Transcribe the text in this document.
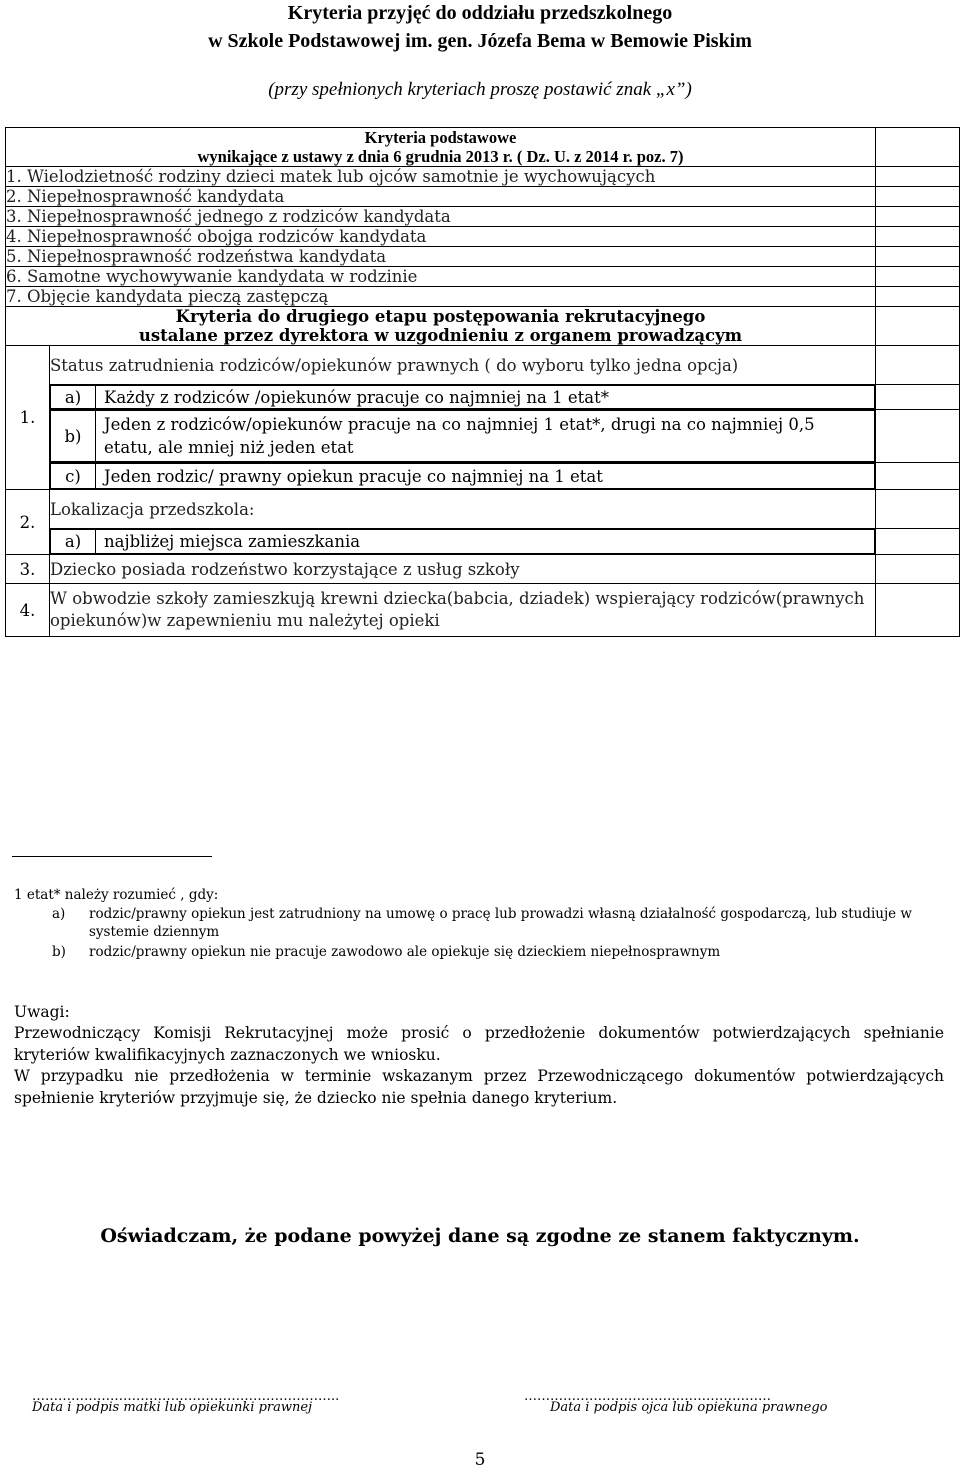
Kryteria przyjęć do oddziału przedszkolnego
w Szkole Podstawowej im. gen. Józefa Bema w Bemowie Piskim
(przy spełnionych kryteriach proszę postawić znak „x”)
Kryteria podstawowe
wynikające z ustawy z dnia 6 grudnia 2013 r. ( Dz. U. z 2014 r. poz. 7)

1. Wielodzietność rodziny dzieci matek lub ojców samotnie je wychowujących	
2. Niepełnosprawność kandydata	
3. Niepełnosprawność jednego z rodziców kandydata	
4. Niepełnosprawność obojga rodziców kandydata	
5. Niepełnosprawność rodzeństwa kandydata	
6. Samotne wychowywanie kandydata w rodzinie	
7. Objęcie kandydata pieczą zastępczą	

Kryteria do drugiego etapu postępowania rekrutacyjnego
ustalane przez dyrektora w uzgodnieniu z organem prowadzącym

1.	Status zatrudnienia rodziców/opiekunów prawnych ( do wyboru tylko jedna opcja)	

a)	Każdy z rodziców /opiekunów pracuje co najmniej na 1 etat*

b)	Jeden z rodziców/opiekunów pracuje na co najmniej 1 etat*, drugi na co najmniej 0,5 etatu, ale mniej niż jeden etat

c)	Jeden rodzic/ prawny opiekun pracuje co najmniej na 1 etat

2.	Lokalizacja przedszkola:	

a)	najbliżej miejsca zamieszkania

3.	Dziecko posiada rodzeństwo korzystające z usług szkoły	
4.	W obwodzie szkoły zamieszkują krewni dziecka(babcia, dziadek) wspierający rodziców(prawnych opiekunów)w zapewnieniu mu należytej opieki	
1 etat* należy rozumieć , gdy:
a) rodzic/prawny opiekun jest zatrudniony na umowę o pracę lub prowadzi własną działalność gospodarczą, lub studiuje w systemie dziennym
b) rodzic/prawny opiekun nie pracuje zawodowo ale opiekuje się dzieckiem niepełnosprawnym
Uwagi:
Przewodniczący Komisji Rekrutacyjnej może prosić o przedłożenie dokumentów potwierdzających spełnianie kryteriów kwalifikacyjnych zaznaczonych we wniosku.
W przypadku nie przedłożenia w terminie wskazanym przez Przewodniczącego dokumentów potwierdzających spełnienie kryteriów przyjmuje się, że dziecko nie spełnia danego kryterium.
Oświadczam, że podane powyżej dane są zgodne ze stanem faktycznym.
……………………………………………………………..
Data i podpis matki lub opiekunki prawnej
…………………………………………………
Data i podpis ojca lub opiekuna prawnego
5
